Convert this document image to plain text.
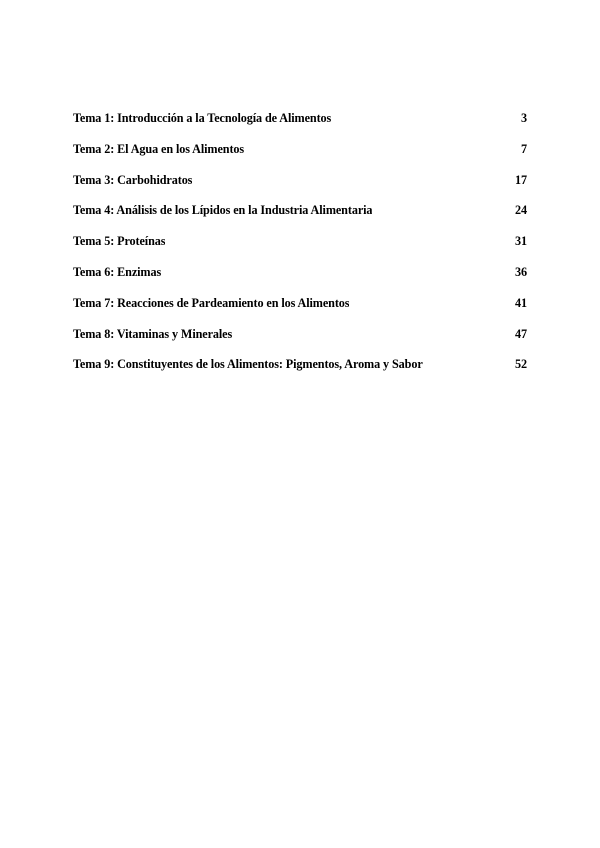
Tema 1: Introducción a la Tecnología de Alimentos	3
Tema 2: El Agua en los Alimentos	7
Tema 3: Carbohidratos	17
Tema 4: Análisis de los Lípidos en la Industria Alimentaria	24
Tema 5: Proteínas	31
Tema 6: Enzimas	36
Tema 7: Reacciones de Pardeamiento en los Alimentos	41
Tema 8: Vitaminas y Minerales	47
Tema 9: Constituyentes de los Alimentos: Pigmentos, Aroma y Sabor	52
